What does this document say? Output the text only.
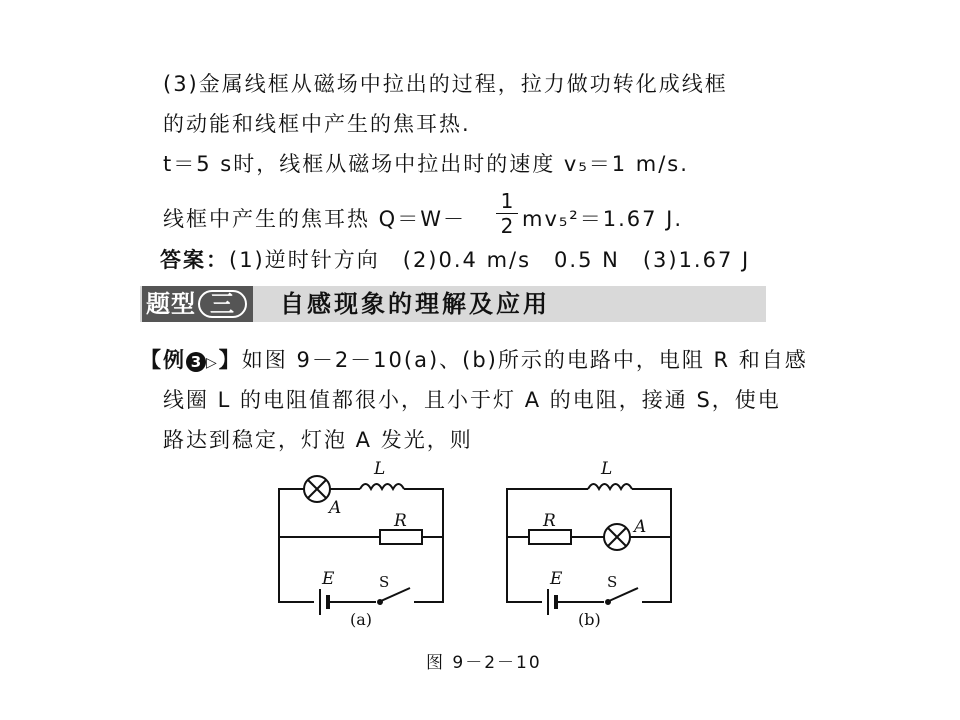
(3)金属线框从磁场中拉出的过程，拉力做功转化成线框
的动能和线框中产生的焦耳热.
t＝5 s时，线框从磁场中拉出时的速度 v₅＝1 m/s.
线框中产生的焦耳热 Q＝W－
1
2 mv₅²＝1.67 J.
答案：(1)逆时针方向　(2)0.4 m/s　0.5 N　(3)1.67 J
题型 三	自感现象的理解及应用
【例 3 ▷】如图 9－2－10(a)、(b)所示的电路中，电阻 R 和自感
线圈 L 的电阻值都很小，且小于灯 A 的电阻，接通 S，使电
路达到稳定，灯泡 A 发光，则
L
A
R
E	S
(a)
L
A
R
E	S
(b)
图 9－2－10
